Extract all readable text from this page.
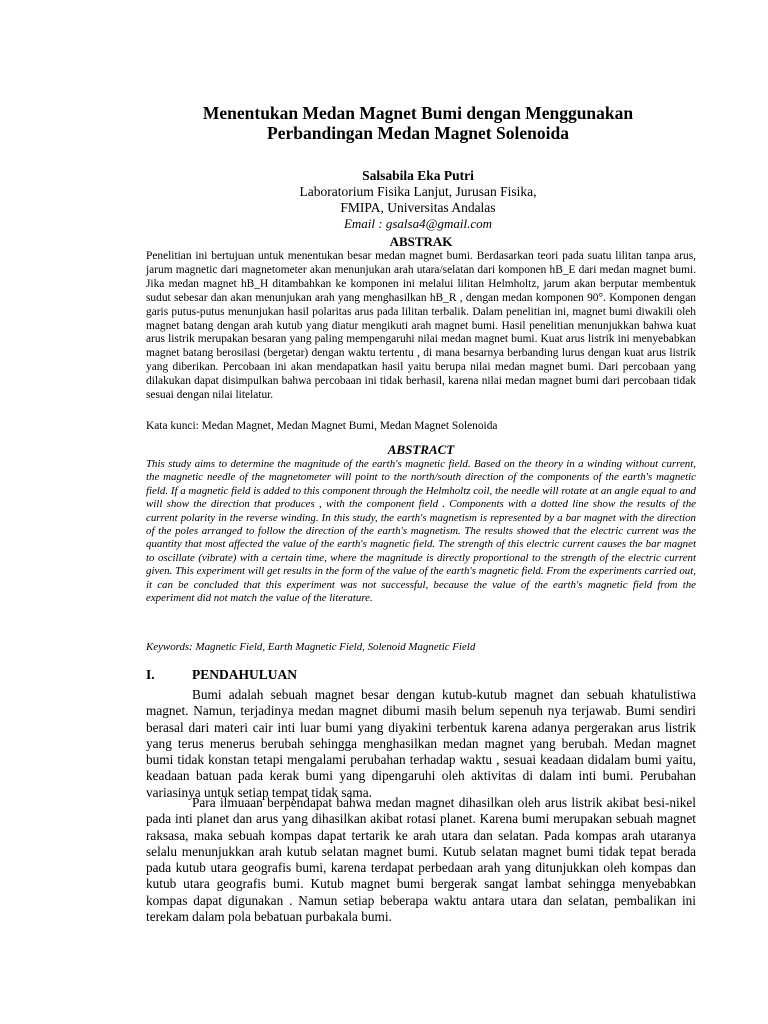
Menentukan Medan Magnet Bumi dengan Menggunakan
Perbandingan Medan Magnet Solenoida
Salsabila Eka Putri
Laboratorium Fisika Lanjut, Jurusan Fisika,
FMIPA, Universitas Andalas
Email : gsalsa4@gmail.com
ABSTRAK

Penelitian ini bertujuan untuk menentukan besar medan magnet bumi. Berdasarkan teori pada suatu lilitan tanpa arus, jarum magnetic dari magnetometer akan menunjukan arah utara/selatan dari komponen hB_E dari medan magnet bumi. Jika medan magnet hB_H ditambahkan ke komponen ini melalui lilitan Helmholtz, jarum akan berputar membentuk sudut sebesar dan akan menunjukan arah yang menghasilkan hB_R , dengan medan komponen 90°. Komponen dengan garis putus-putus menunjukan hasil polaritas arus pada lilitan terbalik. Dalam penelitian ini, magnet bumi diwakili oleh magnet batang dengan arah kutub yang diatur mengikuti arah magnet bumi. Hasil penelitian menunjukkan bahwa kuat arus listrik merupakan besaran yang paling mempengaruhi nilai medan magnet bumi. Kuat arus listrik ini menyebabkan magnet batang berosilasi (bergetar) dengan waktu tertentu , di mana besarnya berbanding lurus dengan kuat arus listrik yang diberikan. Percobaan ini akan mendapatkan hasil yaitu berupa nilai medan magnet bumi. Dari percobaan yang dilakukan dapat disimpulkan bahwa percobaan ini tidak berhasil, karena nilai medan magnet bumi dari percobaan tidak sesuai dengan nilai litelatur.

Kata kunci: Medan Magnet, Medan Magnet Bumi, Medan Magnet Solenoida

ABSTRACT

This study aims to determine the magnitude of the earth's magnetic field. Based on the theory in a winding without current, the magnetic needle of the magnetometer will point to the north/south direction of the components of the earth's magnetic field. If a magnetic field is added to this component through the Helmholtz coil, the needle will rotate at an angle equal to and will show the direction that produces , with the component field . Components with a dotted line show the results of the current polarity in the reverse winding. In this study, the earth's magnetism is represented by a bar magnet with the direction of the poles arranged to follow the direction of the earth's magnetism. The results showed that the electric current was the quantity that most affected the value of the earth's magnetic field. The strength of this electric current causes the bar magnet to oscillate (vibrate) with a certain time, where the magnitude is directly proportional to the strength of the electric current given. This experiment will get results in the form of the value of the earth's magnetic field. From the experiments carried out, it can be concluded that this experiment was not successful, because the value of the earth's magnetic field from the experiment did not match the value of the literature.

Keywords: Magnetic Field, Earth Magnetic Field, Solenoid Magnetic Field

I.	PENDAHULUAN

Bumi adalah sebuah magnet besar dengan kutub-kutub magnet dan sebuah khatulistiwa magnet. Namun, terjadinya medan magnet dibumi masih belum sepenuh nya terjawab. Bumi sendiri berasal dari materi cair inti luar bumi yang diyakini terbentuk karena adanya pergerakan arus listrik yang terus menerus berubah sehingga menghasilkan medan magnet yang berubah. Medan magnet bumi tidak konstan tetapi mengalami perubahan terhadap waktu , sesuai keadaan didalam bumi yaitu, keadaan batuan pada kerak bumi yang dipengaruhi oleh aktivitas di dalam inti bumi. Perubahan variasinya untuk setiap tempat tidak sama.

Para ilmuaan berpendapat bahwa medan magnet dihasilkan oleh arus listrik akibat besi-nikel pada inti planet dan arus yang dihasilkan akibat rotasi planet. Karena bumi merupakan sebuah magnet raksasa, maka sebuah kompas dapat tertarik ke arah utara dan selatan. Pada kompas arah utaranya selalu menunjukkan arah kutub selatan magnet bumi. Kutub selatan magnet bumi tidak tepat berada pada kutub utara geografis bumi, karena terdapat perbedaan arah yang ditunjukkan oleh kompas dan kutub utara geografis bumi. Kutub magnet bumi bergerak sangat lambat sehingga menyebabkan kompas dapat digunakan . Namun setiap beberapa waktu antara utara dan selatan, pembalikan ini terekam dalam pola bebatuan purbakala bumi.
